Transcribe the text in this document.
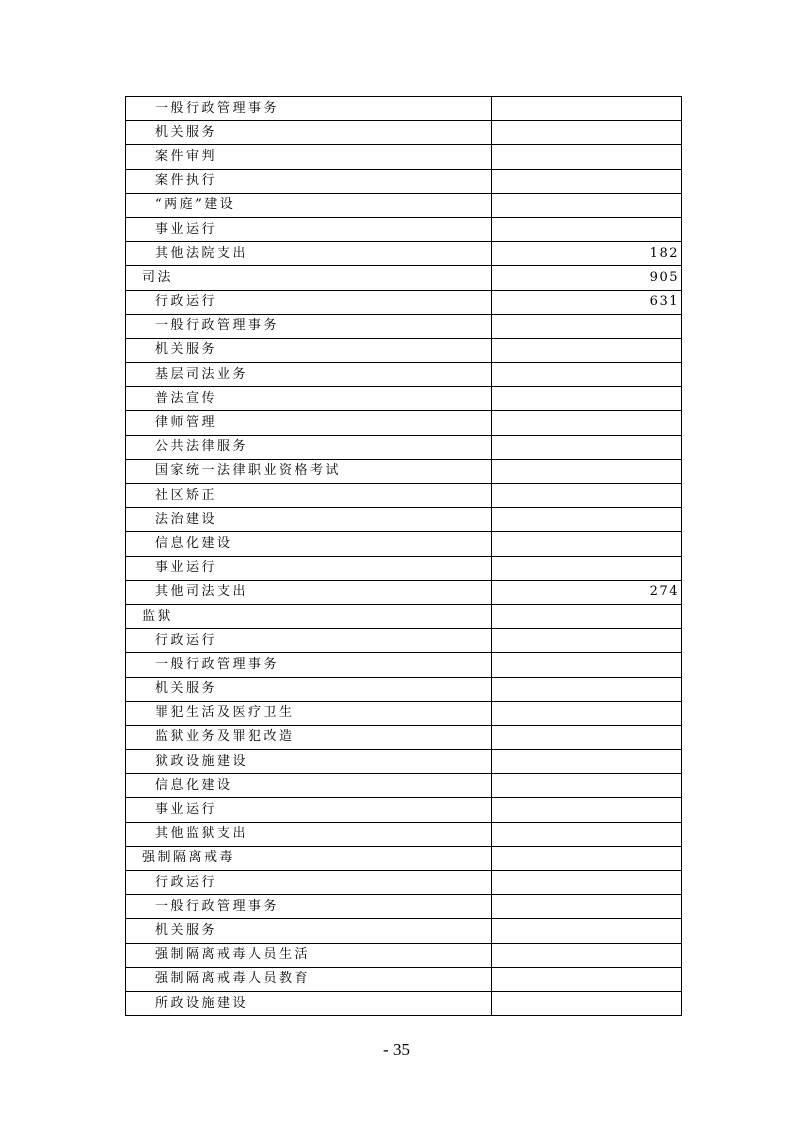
一般行政管理事务	
机关服务	
案件审判	
案件执行	
“两庭”建设	
事业运行	
其他法院支出	182
司法	905
行政运行	631
一般行政管理事务	
机关服务	
基层司法业务	
普法宣传	
律师管理	
公共法律服务	
国家统一法律职业资格考试	
社区矫正	
法治建设	
信息化建设	
事业运行	
其他司法支出	274
监狱	
行政运行	
一般行政管理事务	
机关服务	
罪犯生活及医疗卫生	
监狱业务及罪犯改造	
狱政设施建设	
信息化建设	
事业运行	
其他监狱支出	
强制隔离戒毒	
行政运行	
一般行政管理事务	
机关服务	
强制隔离戒毒人员生活	
强制隔离戒毒人员教育	
所政设施建设	
- 35
